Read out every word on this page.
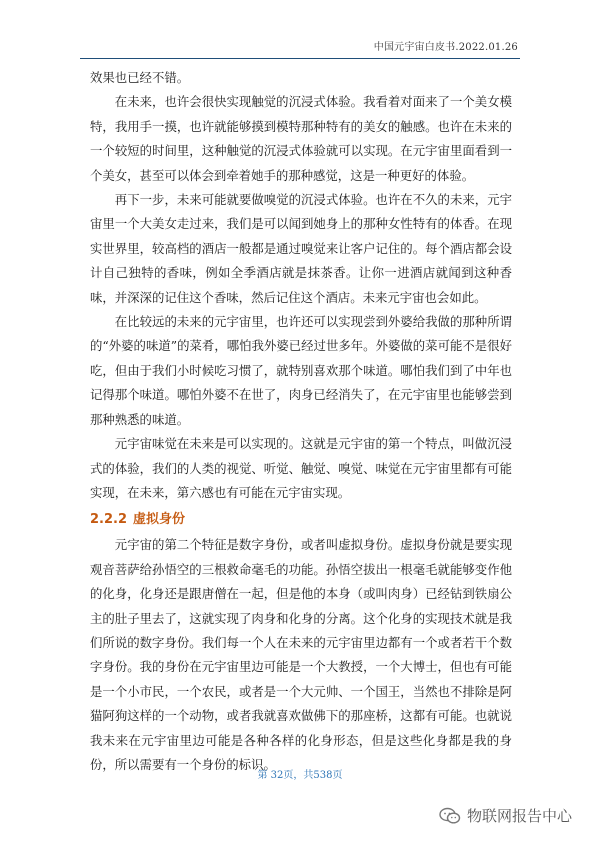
中国元宇宙白皮书.2022.01.26

效果也已经不错。

在未来，也许会很快实现触觉的沉浸式体验。我看着对面来了一个美女模特，我用手一摸，也许就能够摸到模特那种特有的美女的触感。也许在未来的一个较短的时间里，这种触觉的沉浸式体验就可以实现。在元宇宙里面看到一个美女，甚至可以体会到牵着她手的那种感觉，这是一种更好的体验。

再下一步，未来可能就要做嗅觉的沉浸式体验。也许在不久的未来，元宇宙里一个大美女走过来，我们是可以闻到她身上的那种女性特有的体香。在现实世界里，较高档的酒店一般都是通过嗅觉来让客户记住的。每个酒店都会设计自己独特的香味，例如全季酒店就是抹茶香。让你一进酒店就闻到这种香味，并深深的记住这个香味，然后记住这个酒店。未来元宇宙也会如此。

在比较远的未来的元宇宙里，也许还可以实现尝到外婆给我做的那种所谓的“外婆的味道”的菜肴，哪怕我外婆已经过世多年。外婆做的菜可能不是很好吃，但由于我们小时候吃习惯了，就特别喜欢那个味道。哪怕我们到了中年也记得那个味道。哪怕外婆不在世了，肉身已经消失了，在元宇宙里也能够尝到那种熟悉的味道。

元宇宙味觉在未来是可以实现的。这就是元宇宙的第一个特点，叫做沉浸式的体验，我们的人类的视觉、听觉、触觉、嗅觉、味觉在元宇宙里都有可能实现，在未来，第六感也有可能在元宇宙实现。

2.2.2 虚拟身份

元宇宙的第二个特征是数字身份，或者叫虚拟身份。虚拟身份就是要实现观音菩萨给孙悟空的三根救命毫毛的功能。孙悟空拔出一根毫毛就能够变作他的化身，化身还是跟唐僧在一起，但是他的本身（或叫肉身）已经钻到铁扇公主的肚子里去了，这就实现了肉身和化身的分离。这个化身的实现技术就是我们所说的数字身份。我们每一个人在未来的元宇宙里边都有一个或者若干个数字身份。我的身份在元宇宙里边可能是一个大教授，一个大博士，但也有可能是一个小市民，一个农民，或者是一个大元帅、一个国王，当然也不排除是阿猫阿狗这样的一个动物，或者我就喜欢做佛下的那座桥，这都有可能。也就说我未来在元宇宙里边可能是各种各样的化身形态，但是这些化身都是我的身份，所以需要有一个身份的标识。

第 32页，共538页
物联网报告中心
